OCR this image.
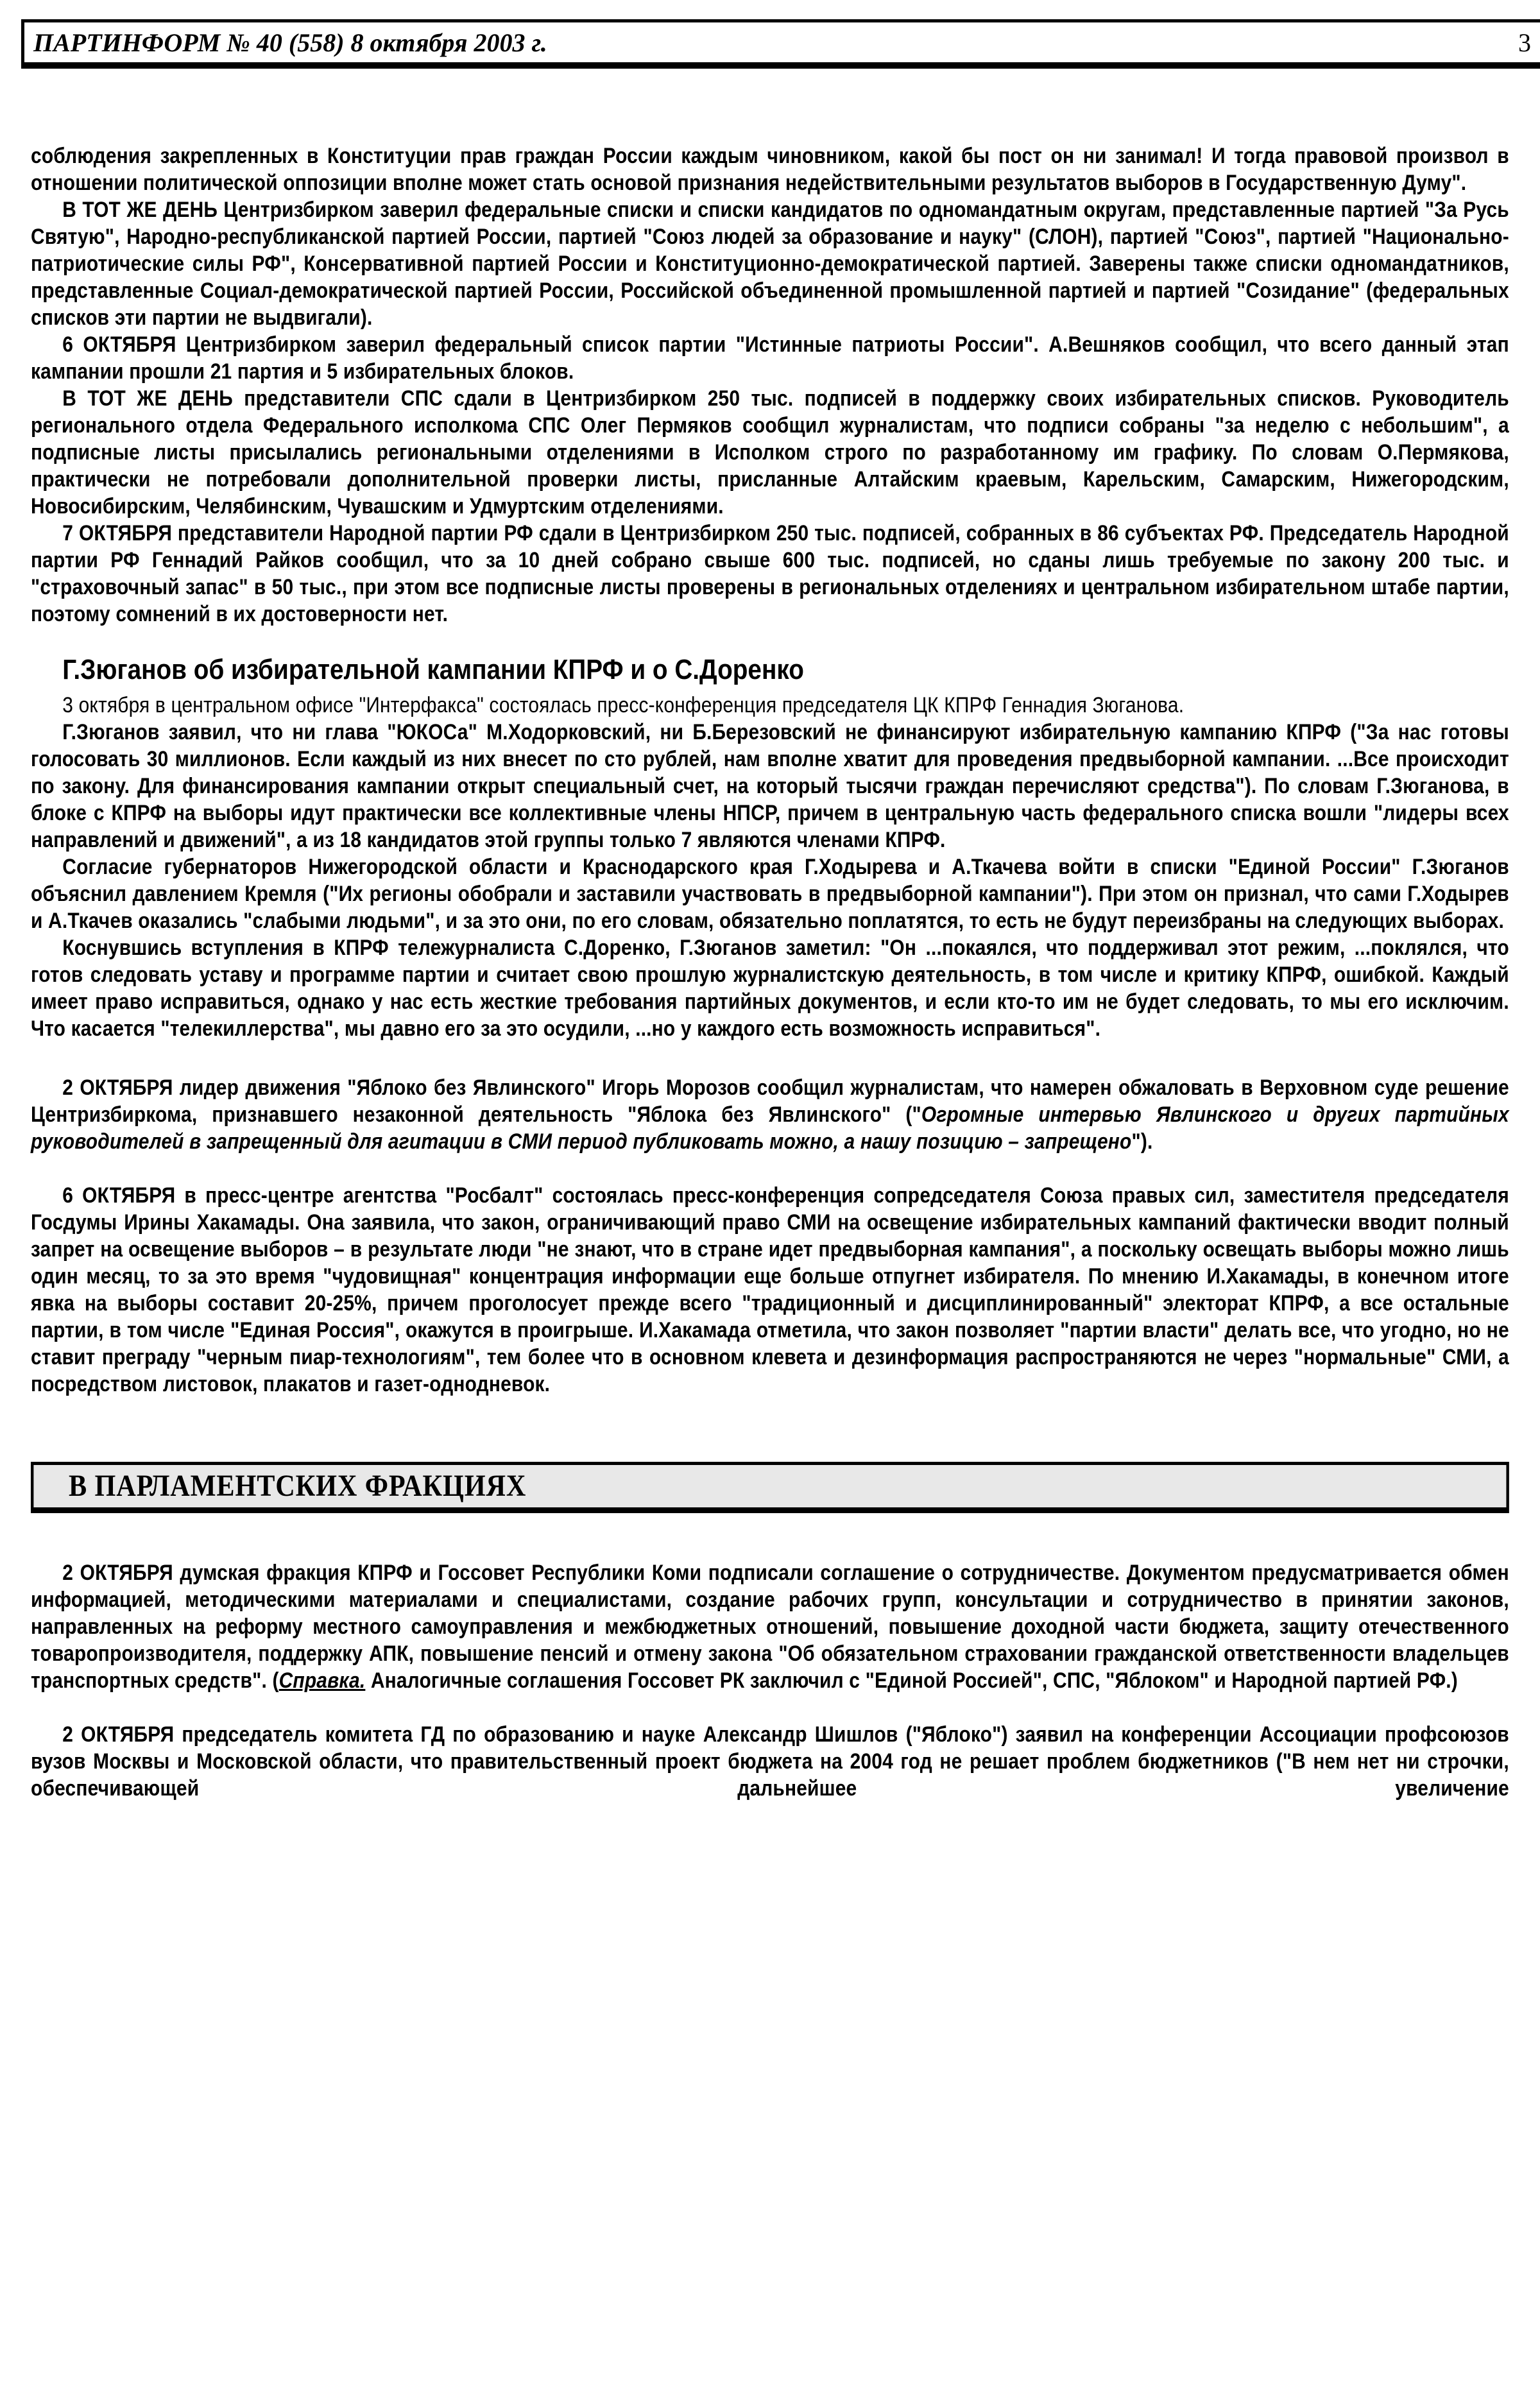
ПАРТИНФОРМ № 40 (558) 8 октября 2003 г.	3

соблюдения закрепленных в Конституции прав граждан России каждым чиновником, какой бы пост он ни занимал! И тогда правовой произвол в отношении политической оппозиции вполне может стать основой признания недействительными результатов выборов в Государственную Думу".

В ТОТ ЖЕ ДЕНЬ Центризбирком заверил федеральные списки и списки кандидатов по одномандатным округам, представленные партией "За Русь Святую", Народно-республиканской партией России, партией "Союз людей за образование и науку" (СЛОН), партией "Союз", партией "Национально-патриотические силы РФ", Консервативной партией России и Конституционно-демократической партией. Заверены также списки одномандатников, представленные Социал-демократической партией России, Российской объединенной промышленной партией и партией "Созидание" (федеральных списков эти партии не выдвигали).

6 ОКТЯБРЯ Центризбирком заверил федеральный список партии "Истинные патриоты России". А.Вешняков сообщил, что всего данный этап кампании прошли 21 партия и 5 избирательных блоков.

В ТОТ ЖЕ ДЕНЬ представители СПС сдали в Центризбирком 250 тыс. подписей в поддержку своих избирательных списков. Руководитель регионального отдела Федерального исполкома СПС Олег Пермяков сообщил журналистам, что подписи собраны "за неделю с небольшим", а подписные листы присылались региональными отделениями в Исполком строго по разработанному им графику. По словам О.Пермякова, практически не потребовали дополнительной проверки листы, присланные Алтайским краевым, Карельским, Самарским, Нижегородским, Новосибирским, Челябинским, Чувашским и Удмуртским отделениями.

7 ОКТЯБРЯ представители Народной партии РФ сдали в Центризбирком 250 тыс. подписей, собранных в 86 субъектах РФ. Председатель Народной партии РФ Геннадий Райков сообщил, что за 10 дней собрано свыше 600 тыс. подписей, но сданы лишь требуемые по закону 200 тыс. и "страховочный запас" в 50 тыс., при этом все подписные листы проверены в региональных отделениях и центральном избирательном штабе партии, поэтому сомнений в их достоверности нет.

Г.Зюганов об избирательной кампании КПРФ и о С.Доренко

3 октября в центральном офисе "Интерфакса" состоялась пресс-конференция председателя ЦК КПРФ Геннадия Зюганова.

Г.Зюганов заявил, что ни глава "ЮКОСа" М.Ходорковский, ни Б.Березовский не финансируют избирательную кампанию КПРФ ("За нас готовы голосовать 30 миллионов. Если каждый из них внесет по сто рублей, нам вполне хватит для проведения предвыборной кампании. ...Все происходит по закону. Для финансирования кампании открыт специальный счет, на который тысячи граждан перечисляют средства"). По словам Г.Зюганова, в блоке с КПРФ на выборы идут практически все коллективные члены НПСР, причем в центральную часть федерального списка вошли "лидеры всех направлений и движений", а из 18 кандидатов этой группы только 7 являются членами КПРФ.

Согласие губернаторов Нижегородской области и Краснодарского края Г.Ходырева и А.Ткачева войти в списки "Единой России" Г.Зюганов объяснил давлением Кремля ("Их регионы обобрали и заставили участвовать в предвыборной кампании"). При этом он признал, что сами Г.Ходырев и А.Ткачев оказались "слабыми людьми", и за это они, по его словам, обязательно поплатятся, то есть не будут переизбраны на следующих выборах.

Коснувшись вступления в КПРФ тележурналиста С.Доренко, Г.Зюганов заметил: "Он ...покаялся, что поддерживал этот режим, ...поклялся, что готов следовать уставу и программе партии и считает свою прошлую журналистскую деятельность, в том числе и критику КПРФ, ошибкой. Каждый имеет право исправиться, однако у нас есть жесткие требования партийных документов, и если кто-то им не будет следовать, то мы его исключим. Что касается "телекиллерства", мы давно его за это осудили, ...но у каждого есть возможность исправиться".

2 ОКТЯБРЯ лидер движения "Яблоко без Явлинского" Игорь Морозов сообщил журналистам, что намерен обжаловать в Верховном суде решение Центризбиркома, признавшего незаконной деятельность "Яблока без Явлинского" ("Огромные интервью Явлинского и других партийных руководителей в запрещенный для агитации в СМИ период публиковать можно, а нашу позицию – запрещено").

6 ОКТЯБРЯ в пресс-центре агентства "Росбалт" состоялась пресс-конференция сопредседателя Союза правых сил, заместителя председателя Госдумы Ирины Хакамады. Она заявила, что закон, ограничивающий право СМИ на освещение избирательных кампаний фактически вводит полный запрет на освещение выборов – в результате люди "не знают, что в стране идет предвыборная кампания", а поскольку освещать выборы можно лишь один месяц, то за это время "чудовищная" концентрация информации еще больше отпугнет избирателя. По мнению И.Хакамады, в конечном итоге явка на выборы составит 20-25%, причем проголосует прежде всего "традиционный и дисциплинированный" электорат КПРФ, а все остальные партии, в том числе "Единая Россия", окажутся в проигрыше. И.Хакамада отметила, что закон позволяет "партии власти" делать все, что угодно, но не ставит преграду "черным пиар-технологиям", тем более что в основном клевета и дезинформация распространяются не через "нормальные" СМИ, а посредством листовок, плакатов и газет-однодневок.

В ПАРЛАМЕНТСКИХ ФРАКЦИЯХ

2 ОКТЯБРЯ думская фракция КПРФ и Госсовет Республики Коми подписали соглашение о сотрудничестве. Документом предусматривается обмен информацией, методическими материалами и специалистами, создание рабочих групп, консультации и сотрудничество в принятии законов, направленных на реформу местного самоуправления и межбюджетных отношений, повышение доходной части бюджета, защиту отечественного товаропроизводителя, поддержку АПК, повышение пенсий и отмену закона "Об обязательном страховании гражданской ответственности владельцев транспортных средств". (Справка. Аналогичные соглашения Госсовет РК заключил с "Единой Россией", СПС, "Яблоком" и Народной партией РФ.)

2 ОКТЯБРЯ председатель комитета ГД по образованию и науке Александр Шишлов ("Яблоко") заявил на конференции Ассоциации профсоюзов вузов Москвы и Московской области, что правительственный проект бюджета на 2004 год не решает проблем бюджетников ("В нем нет ни строчки, обеспечивающей дальнейшее увеличение
